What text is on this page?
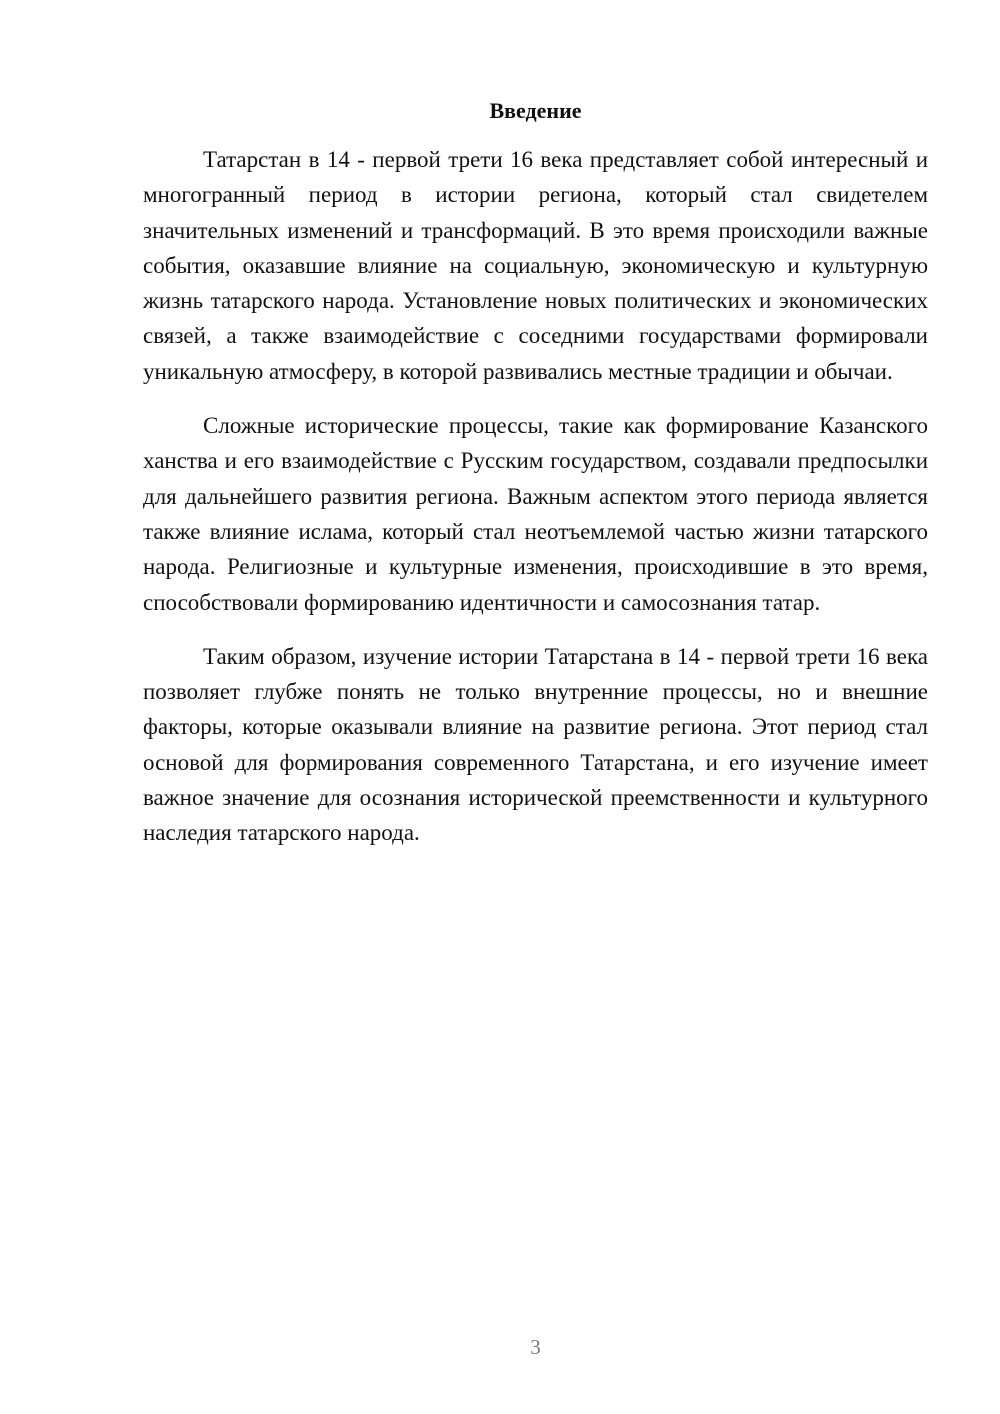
Введение

Татарстан в 14 - первой трети 16 века представляет собой интересный и многогранный период в истории региона, который стал свидетелем значительных изменений и трансформаций. В это время происходили важные события, оказавшие влияние на социальную, экономическую и культурную жизнь татарского народа. Установление новых политических и экономических связей, а также взаимодействие с соседними государствами формировали уникальную атмосферу, в которой развивались местные традиции и обычаи.

Сложные исторические процессы, такие как формирование Казанского ханства и его взаимодействие с Русским государством, создавали предпосылки для дальнейшего развития региона. Важным аспектом этого периода является также влияние ислама, который стал неотъемлемой частью жизни татарского народа. Религиозные и культурные изменения, происходившие в это время, способствовали формированию идентичности и самосознания татар.

Таким образом, изучение истории Татарстана в 14 - первой трети 16 века позволяет глубже понять не только внутренние процессы, но и внешние факторы, которые оказывали влияние на развитие региона. Этот период стал основой для формирования современного Татарстана, и его изучение имеет важное значение для осознания исторической преемственности и культурного наследия татарского народа.

3
